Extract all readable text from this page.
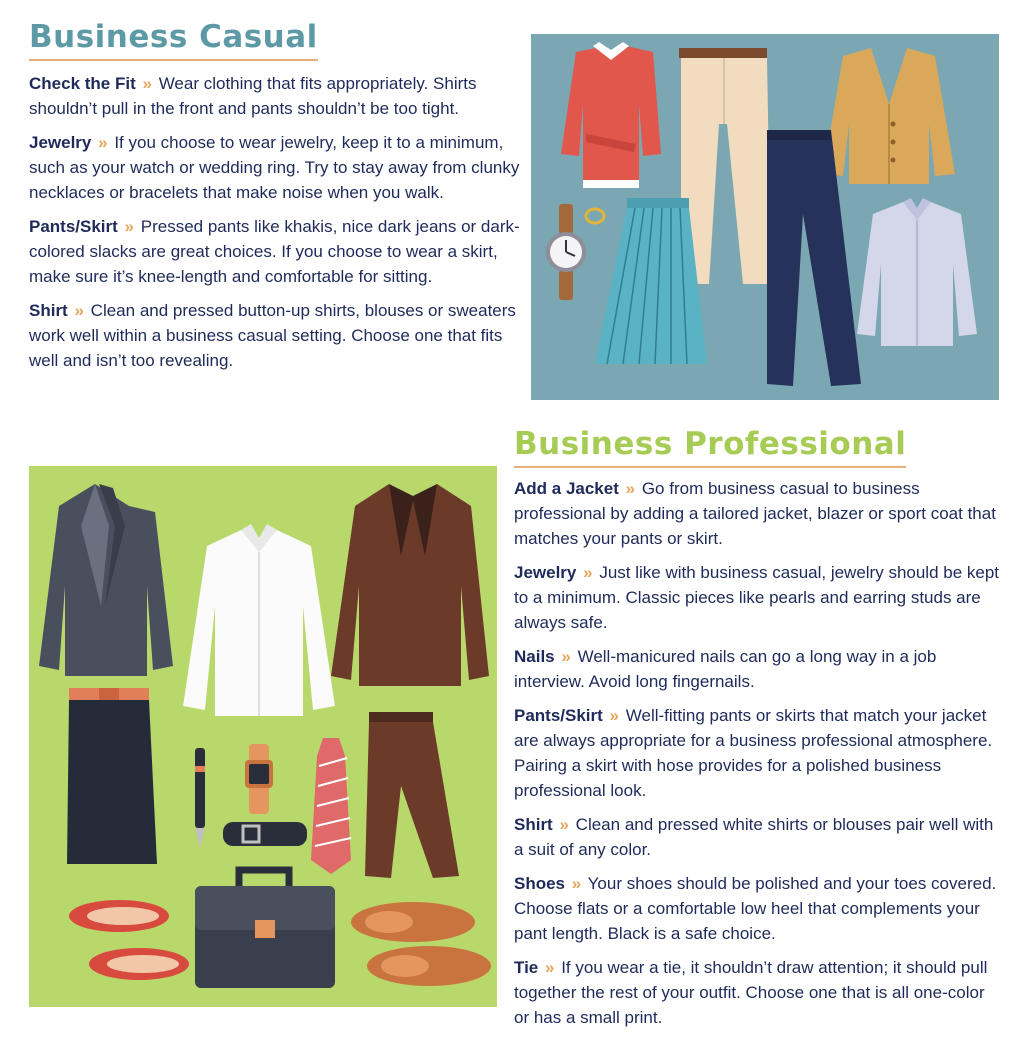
Business Casual

Check the Fit » Wear clothing that fits appropriately. Shirts shouldn’t pull in the front and pants shouldn’t be too tight.

Jewelry » If you choose to wear jewelry, keep it to a minimum, such as your watch or wedding ring. Try to stay away from clunky necklaces or bracelets that make noise when you walk.

Pants/Skirt » Pressed pants like khakis, nice dark jeans or dark-colored slacks are great choices. If you choose to wear a skirt, make sure it’s knee-length and comfortable for sitting.

Shirt » Clean and pressed button-up shirts, blouses or sweaters work well within a business casual setting. Choose one that fits well and isn’t too revealing.

Business Professional

Add a Jacket » Go from business casual to business professional by adding a tailored jacket, blazer or sport coat that matches your pants or skirt.

Jewelry » Just like with business casual, jewelry should be kept to a minimum. Classic pieces like pearls and earring studs are always safe.

Nails » Well-manicured nails can go a long way in a job interview. Avoid long fingernails.

Pants/Skirt » Well-fitting pants or skirts that match your jacket are always appropriate for a business professional atmosphere. Pairing a skirt with hose provides for a polished business professional look.

Shirt » Clean and pressed white shirts or blouses pair well with a suit of any color.

Shoes » Your shoes should be polished and your toes covered. Choose flats or a comfortable low heel that complements your pant length. Black is a safe choice.

Tie » If you wear a tie, it shouldn’t draw attention; it should pull together the rest of your outfit. Choose one that is all one-color or has a small print.
